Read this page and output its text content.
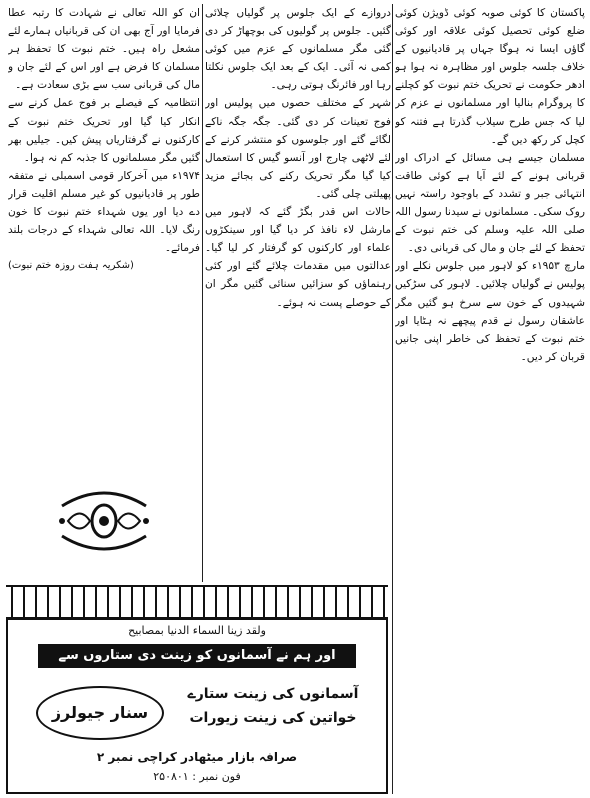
پاکستان کا کوئی صوبہ کوئی ڈویژن کوئی ضلع کوئی تحصیل کوئی علاقہ اور کوئی گاؤں ایسا نہ ہوگا جہاں پر قادیانیوں کے خلاف جلسہ جلوس اور مظاہرہ نہ ہوا ہو ادھر حکومت نے تحریک ختم نبوت کو کچلنے کا پروگرام بنالیا اور مسلمانوں نے عزم کر لیا کہ جس طرح سیلاب گذرتا ہے فتنہ کو کچل کر رکھ دیں گے۔

مسلمان جیسے ہی مسائل کے ادراک اور قربانی ہونے کے لئے آیا ہے کوئی طاقت انتہائی جبر و تشدد کے باوجود راستہ نہیں روک سکی۔ مسلمانوں نے سیدنا رسول اللہ صلی اللہ علیہ وسلم کی ختم نبوت کے تحفظ کے لئے جان و مال کی قربانی دی۔

مارچ ۱۹۵۳ء کو لاہور میں جلوس نکلے اور پولیس نے گولیاں چلائیں۔ لاہور کی سڑکیں شہیدوں کے خون سے سرخ ہو گئیں مگر عاشقان رسول نے قدم پیچھے نہ ہٹایا اور ختم نبوت کے تحفظ کی خاطر اپنی جانیں قربان کر دیں۔

دروازے کے ایک جلوس پر گولیاں چلائی گئیں۔ جلوس پر گولیوں کی بوچھاڑ کر دی گئی مگر مسلمانوں کے عزم میں کوئی کمی نہ آئی۔ ایک کے بعد ایک جلوس نکلتا رہا اور فائرنگ ہوتی رہی۔

شہر کے مختلف حصوں میں پولیس اور فوج تعینات کر دی گئی۔ جگہ جگہ ناکے لگائے گئے اور جلوسوں کو منتشر کرنے کے لئے لاٹھی چارج اور آنسو گیس کا استعمال کیا گیا مگر تحریک رکنے کی بجائے مزید پھیلتی چلی گئی۔

حالات اس قدر بگڑ گئے کہ لاہور میں مارشل لاء نافذ کر دیا گیا اور سینکڑوں علماء اور کارکنوں کو گرفتار کر لیا گیا۔ عدالتوں میں مقدمات چلائے گئے اور کئی رہنماؤں کو سزائیں سنائی گئیں مگر ان کے حوصلے پست نہ ہوئے۔

ان کو اللہ تعالی نے شہادت کا رتبہ عطا فرمایا اور آج بھی ان کی قربانیاں ہمارے لئے مشعل راہ ہیں۔ ختم نبوت کا تحفظ ہر مسلمان کا فرض ہے اور اس کے لئے جان و مال کی قربانی سب سے بڑی سعادت ہے۔

انتظامیہ کے فیصلے بر فوج عمل کرنے سے انکار کیا گیا اور تحریک ختم نبوت کے کارکنوں نے گرفتاریاں پیش کیں۔ جیلیں بھر گئیں مگر مسلمانوں کا جذبہ کم نہ ہوا۔

۱۹۷۴ء میں آخرکار قومی اسمبلی نے متفقہ طور پر قادیانیوں کو غیر مسلم اقلیت قرار دے دیا اور یوں شہداء ختم نبوت کا خون رنگ لایا۔ اللہ تعالی شہداء کے درجات بلند فرمائے۔

(شکریہ ہفت روزہ ختم نبوت)

ولقد زینا السماء الدنیا بمصابیح
اور ہم نے آسمانوں کو زینت دی ستاروں سے
سنار جیولرز
آسمانوں کی زینت ستارے
خواتین کی زینت زیورات
صرافہ بازار میٹھادر کراچی نمبر ۲
فون نمبر : ۲۵۰۸۰۱
